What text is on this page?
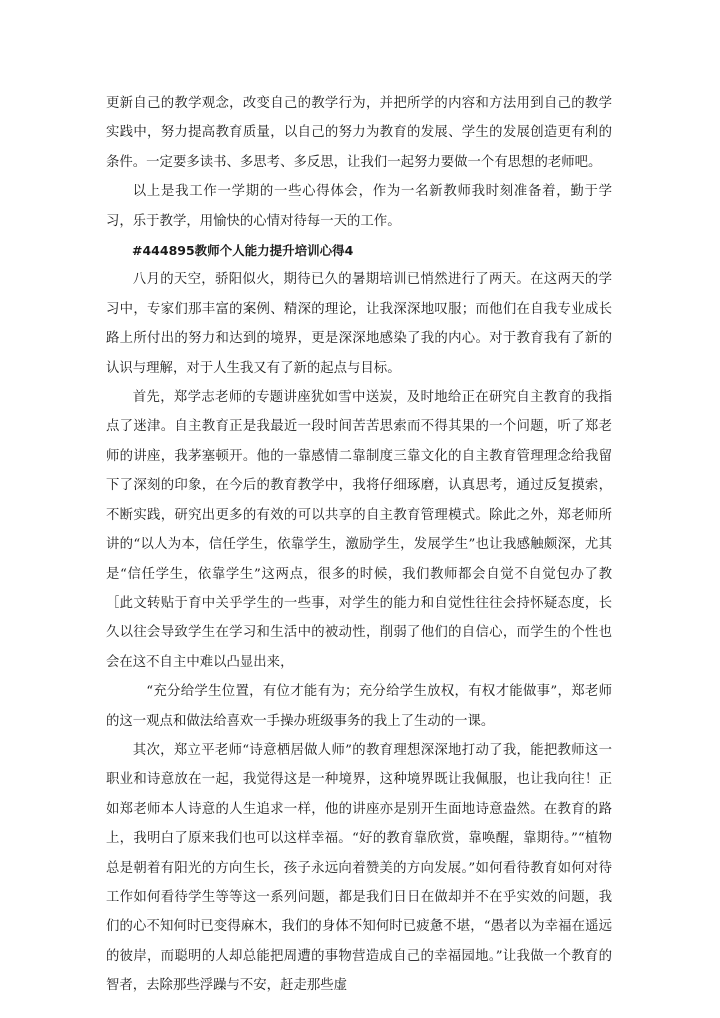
更新自己的教学观念，改变自己的教学行为，并把所学的内容和方法用到自己的教学实践中，努力提高教育质量，以自己的努力为教育的发展、学生的发展创造更有利的条件。一定要多读书、多思考、多反思，让我们一起努力要做一个有思想的老师吧。

以上是我工作一学期的一些心得体会，作为一名新教师我时刻准备着，勤于学习，乐于教学，用愉快的心情对待每一天的工作。

#444895教师个人能力提升培训心得4

八月的天空，骄阳似火，期待已久的暑期培训已悄然进行了两天。在这两天的学习中，专家们那丰富的案例、精深的理论，让我深深地叹服；而他们在自我专业成长路上所付出的努力和达到的境界，更是深深地感染了我的内心。对于教育我有了新的认识与理解，对于人生我又有了新的起点与目标。

首先，郑学志老师的专题讲座犹如雪中送炭，及时地给正在研究自主教育的我指点了迷津。自主教育正是我最近一段时间苦苦思索而不得其果的一个问题，听了郑老师的讲座，我茅塞顿开。他的一靠感情二靠制度三靠文化的自主教育管理理念给我留下了深刻的印象，在今后的教育教学中，我将仔细琢磨，认真思考，通过反复摸索，不断实践，研究出更多的有效的可以共享的自主教育管理模式。除此之外，郑老师所讲的“以人为本，信任学生，依靠学生，激励学生，发展学生”也让我感触颇深，尤其是“信任学生，依靠学生”这两点，很多的时候，我们教师都会自觉不自觉包办了教［此文转贴于育中关乎学生的一些事，对学生的能力和自觉性往往会持怀疑态度，长久以往会导致学生在学习和生活中的被动性，削弱了他们的自信心，而学生的个性也会在这不自主中难以凸显出来，

“充分给学生位置，有位才能有为；充分给学生放权，有权才能做事”，郑老师的这一观点和做法给喜欢一手操办班级事务的我上了生动的一课。

其次，郑立平老师“诗意栖居做人师”的教育理想深深地打动了我，能把教师这一职业和诗意放在一起，我觉得这是一种境界，这种境界既让我佩服，也让我向往！正如郑老师本人诗意的人生追求一样，他的讲座亦是别开生面地诗意盎然。在教育的路上，我明白了原来我们也可以这样幸福。“好的教育靠欣赏，靠唤醒，靠期待。”“植物总是朝着有阳光的方向生长，孩子永远向着赞美的方向发展。”如何看待教育如何对待工作如何看待学生等等这一系列问题，都是我们日日在做却并不在乎实效的问题，我们的心不知何时已变得麻木，我们的身体不知何时已疲惫不堪，“愚者以为幸福在遥远的彼岸，而聪明的人却总能把周遭的事物营造成自己的幸福园地。”让我做一个教育的智者，去除那些浮躁与不安，赶走那些虚
